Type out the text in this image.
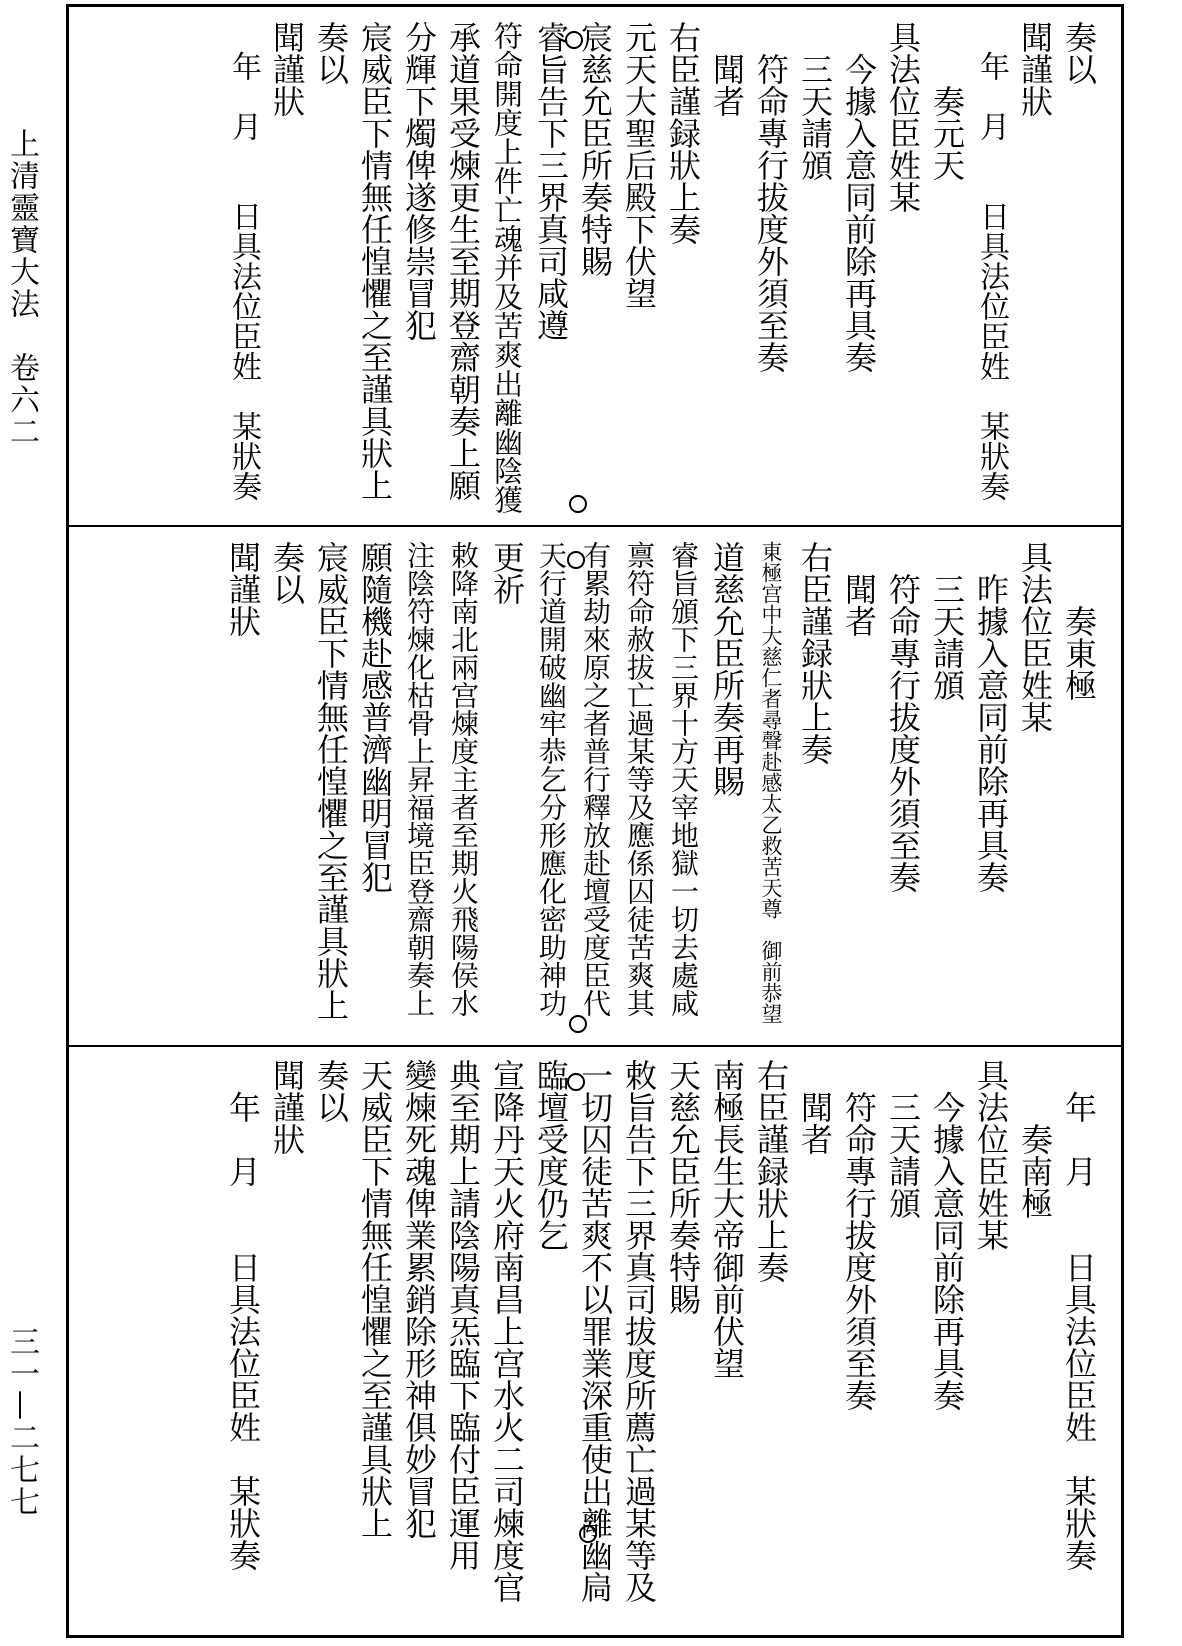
上清靈寶大法　卷六二
三一—二七七
奏以
聞謹狀
　年　月　　日具法位臣姓　某狀奏
　　奏元天
具法位臣姓某
　今據入意同前除再具奏
　三天請頒
　符命專行拔度外須至奏
　聞者
右臣謹録狀上奏
元天大聖后殿下伏望
宸慈允臣所奏特賜
睿旨告下三界真司咸遵
符命開度上件亡魂并及苦爽出離幽陰獲
承道果受煉更生至期登齋朝奏上願
分輝下燭俾遂修崇冒犯
宸威臣下情無任惶懼之至謹具狀上
奏以
聞謹狀
　年　月　　日具法位臣姓　某狀奏
　　奏東極
具法位臣姓某
　昨據入意同前除再具奏
　三天請頒
　符命專行拔度外須至奏
　聞者
右臣謹録狀上奏
東極宫中大慈仁者尋聲赴感太乙救苦天尊　御前恭望
道慈允臣所奏再賜
睿旨頒下三界十方天宰地獄一切去處咸
禀符命赦拔亡過某等及應係囚徒苦爽其
有累劫來原之者普行釋放赴壇受度臣代
天行道開破幽牢恭乞分形應化密助神功
更祈
敕降南北兩宫煉度主者至期火飛陽侯水
注陰符煉化枯骨上昇福境臣登齋朝奏上
願隨機赴感普濟幽明冒犯
宸威臣下情無任惶懼之至謹具狀上
奏以
聞謹狀
　年　月　　日具法位臣姓　某狀奏
　　奏南極
具法位臣姓某
　今據入意同前除再具奏
　三天請頒
　符命專行拔度外須至奏
　聞者
右臣謹録狀上奏
南極長生大帝御前伏望
天慈允臣所奏特賜
敕旨告下三界真司拔度所薦亡過某等及
一切囚徒苦爽不以罪業深重使出離幽扃
臨壇受度仍乞
宣降丹天火府南昌上宫水火二司煉度官
典至期上請陰陽真炁臨下臨付臣運用
變煉死魂俾業累銷除形神俱妙冒犯
天威臣下情無任惶懼之至謹具狀上
奏以
聞謹狀
　年　月　　日具法位臣姓　某狀奏
